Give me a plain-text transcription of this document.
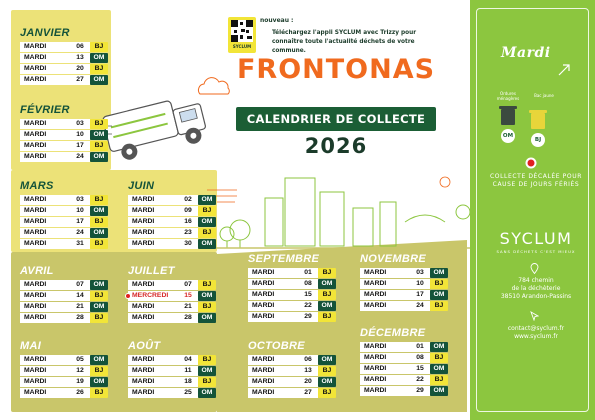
SYCLUM
nouveau :
Téléchargez l'appli SYCLUM avec Trizzy pour connaître toute l'actualité déchets de votre commune.
FRONTONAS
CALENDRIER DE COLLECTE
2026
Mardi
Ordures ménagères
Bac jaune
OM
BJ
COLLECTE DÉCALÉE POUR CAUSE DE JOURS FÉRIÉS
SYCLUM
SANS DÉCHETS C'EST MIEUX
784 chemin
de la déchèterie
38510 Arandon-Passins
contact@syclum.fr
www.syclum.fr
JANVIER
MARDI	06	BJ
MARDI	13	OM
MARDI	20	BJ
MARDI	27	OM
FÉVRIER
MARDI	03	BJ
MARDI	10	OM
MARDI	17	BJ
MARDI	24	OM
MARS
MARDI	03	BJ
MARDI	10	OM
MARDI	17	BJ
MARDI	24	OM
MARDI	31	BJ
JUIN
MARDI	02	OM
MARDI	09	BJ
MARDI	16	OM
MARDI	23	BJ
MARDI	30	OM
AVRIL
MARDI	07	OM
MARDI	14	BJ
MARDI	21	OM
MARDI	28	BJ
JUILLET
MARDI	07	BJ
MERCREDI	15	OM
MARDI	21	BJ
MARDI	28	OM
MAI
MARDI	05	OM
MARDI	12	BJ
MARDI	19	OM
MARDI	26	BJ
AOÛT
MARDI	04	BJ
MARDI	11	OM
MARDI	18	BJ
MARDI	25	OM
SEPTEMBRE
MARDI	01	BJ
MARDI	08	OM
MARDI	15	BJ
MARDI	22	OM
MARDI	29	BJ
OCTOBRE
MARDI	06	OM
MARDI	13	BJ
MARDI	20	OM
MARDI	27	BJ
NOVEMBRE
MARDI	03	OM
MARDI	10	BJ
MARDI	17	OM
MARDI	24	BJ
DÉCEMBRE
MARDI	01	OM
MARDI	08	BJ
MARDI	15	OM
MARDI	22	BJ
MARDI	29	OM
